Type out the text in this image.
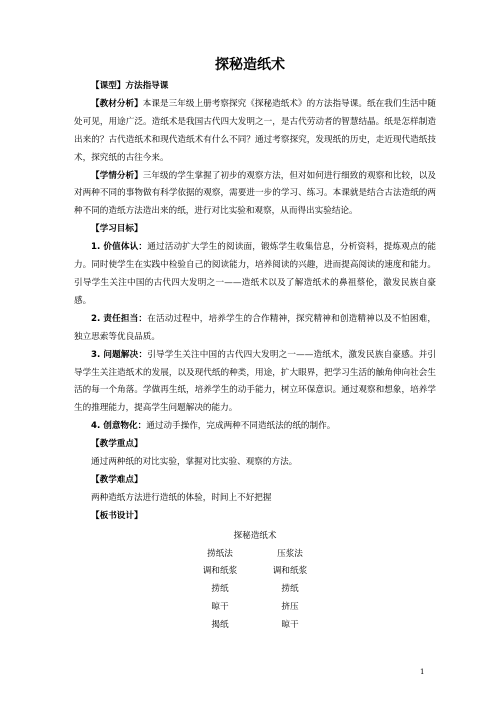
探秘造纸术

【课型】方法指导课

【教材分析】本课是三年级上册考察探究《探秘造纸术》的方法指导课。纸在我们生活中随处可见，用途广泛。造纸术是我国古代四大发明之一，是古代劳动者的智慧结晶。纸是怎样制造出来的？古代造纸术和现代造纸术有什么不同？通过考察探究，发现纸的历史，走近现代造纸技术，探究纸的古往今来。

【学情分析】三年级的学生掌握了初步的观察方法，但对如何进行细致的观察和比较，以及对两种不同的事物做有科学依据的观察，需要进一步的学习、练习。本课就是结合古法造纸的两种不同的造纸方法造出来的纸，进行对比实验和观察，从而得出实验结论。

【学习目标】

1. 价值体认：通过活动扩大学生的阅读面，锻炼学生收集信息，分析资料，提炼观点的能力。同时使学生在实践中检验自己的阅读能力，培养阅读的兴趣，进而提高阅读的速度和能力。引导学生关注中国的古代四大发明之一——造纸术以及了解造纸术的鼻祖蔡伦，激发民族自豪感。

2. 责任担当：在活动过程中，培养学生的合作精神，探究精神和创造精神以及不怕困难，独立思索等优良品质。

3. 问题解决：引导学生关注中国的古代四大发明之一——造纸术，激发民族自豪感。并引导学生关注造纸术的发展，以及现代纸的种类，用途，扩大眼界，把学习生活的触角伸向社会生活的每一个角落。学做再生纸，培养学生的动手能力，树立环保意识。通过观察和想象，培养学生的推理能力，提高学生问题解决的能力。

4. 创意物化：通过动手操作，完成两种不同造纸法的纸的制作。

【教学重点】

通过两种纸的对比实验，掌握对比实验、观察的方法。

【教学难点】

两种造纸方法进行造纸的体验，时间上不好把握

【板书设计】

探秘造纸术
捞纸法	压浆法
调和纸浆	调和纸浆
捞纸	捞纸
晾干	挤压
揭纸	晾干
1
